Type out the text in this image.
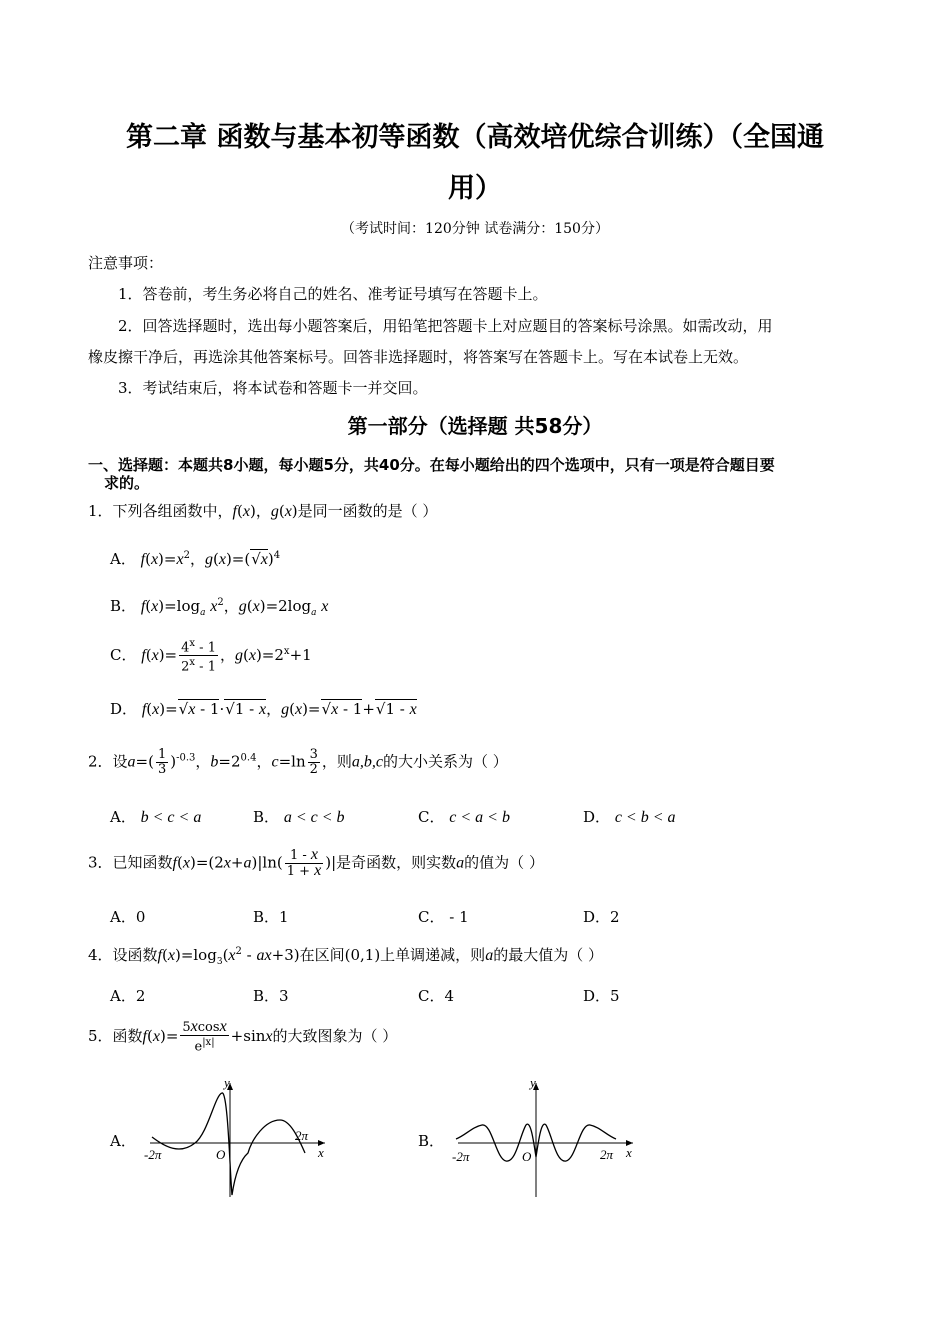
第二章 函数与基本初等函数（高效培优综合训练）（全国通
用）
（考试时间：120分钟 试卷满分：150分）
注意事项：
1．答卷前，考生务必将自己的姓名、准考证号填写在答题卡上。
2．回答选择题时，选出每小题答案后，用铅笔把答题卡上对应题目的答案标号涂黑。如需改动，用
橡皮擦干净后，再选涂其他答案标号。回答非选择题时，将答案写在答题卡上。写在本试卷上无效。
3．考试结束后，将本试卷和答题卡一并交回。
第一部分（选择题 共58分）
一、选择题：本题共8小题，每小题5分，共40分。在每小题给出的四个选项中，只有一项是符合题目要
求的。
1．下列各组函数中，f(x)，g(x)是同一函数的是（ ）
A． $f(x)=x^2$，$g(x)=(√x)^4$
B． $f(x)=\log_a$ $x^2$，$g(x)=2\log_a$ x
C． $f(x)= \frac{4^x - 1}{2^x - 1}$ ，$g(x)=2^x+1$
D． f(x)=√x - 1·√1 - x，g(x)=√x - 1+√1 - x
2．设$a=( \frac{1}{3} )^{-0.3}$，$b=2^{0.4}$，$c=\ln \frac{3}{2}$ ，则a,b,c的大小关系为（ ）
A． b < c < a	B． a < c < b	C． c < a < b	D． c < b < a
3．已知函数$f(x)=(2x+a)|\ln( \frac{1 - x}{1 + x}$ )|是奇函数，则实数a的值为（ ）
A．0	B．1	C． - 1	D．2
4．设函数$f(x)=\log_3(x^2 - ax+3)$在区间(0,1)上单调递减，则a的最大值为（ ）
A．2	B．3	C．4	D．5
5．函数$f(x)= \frac{5xcosx}{e^{|x|}} +\sin x$的大致图象为（ ）
A．
y
x
O
-2π
2π	B．
y
x
O
-2π	2π
